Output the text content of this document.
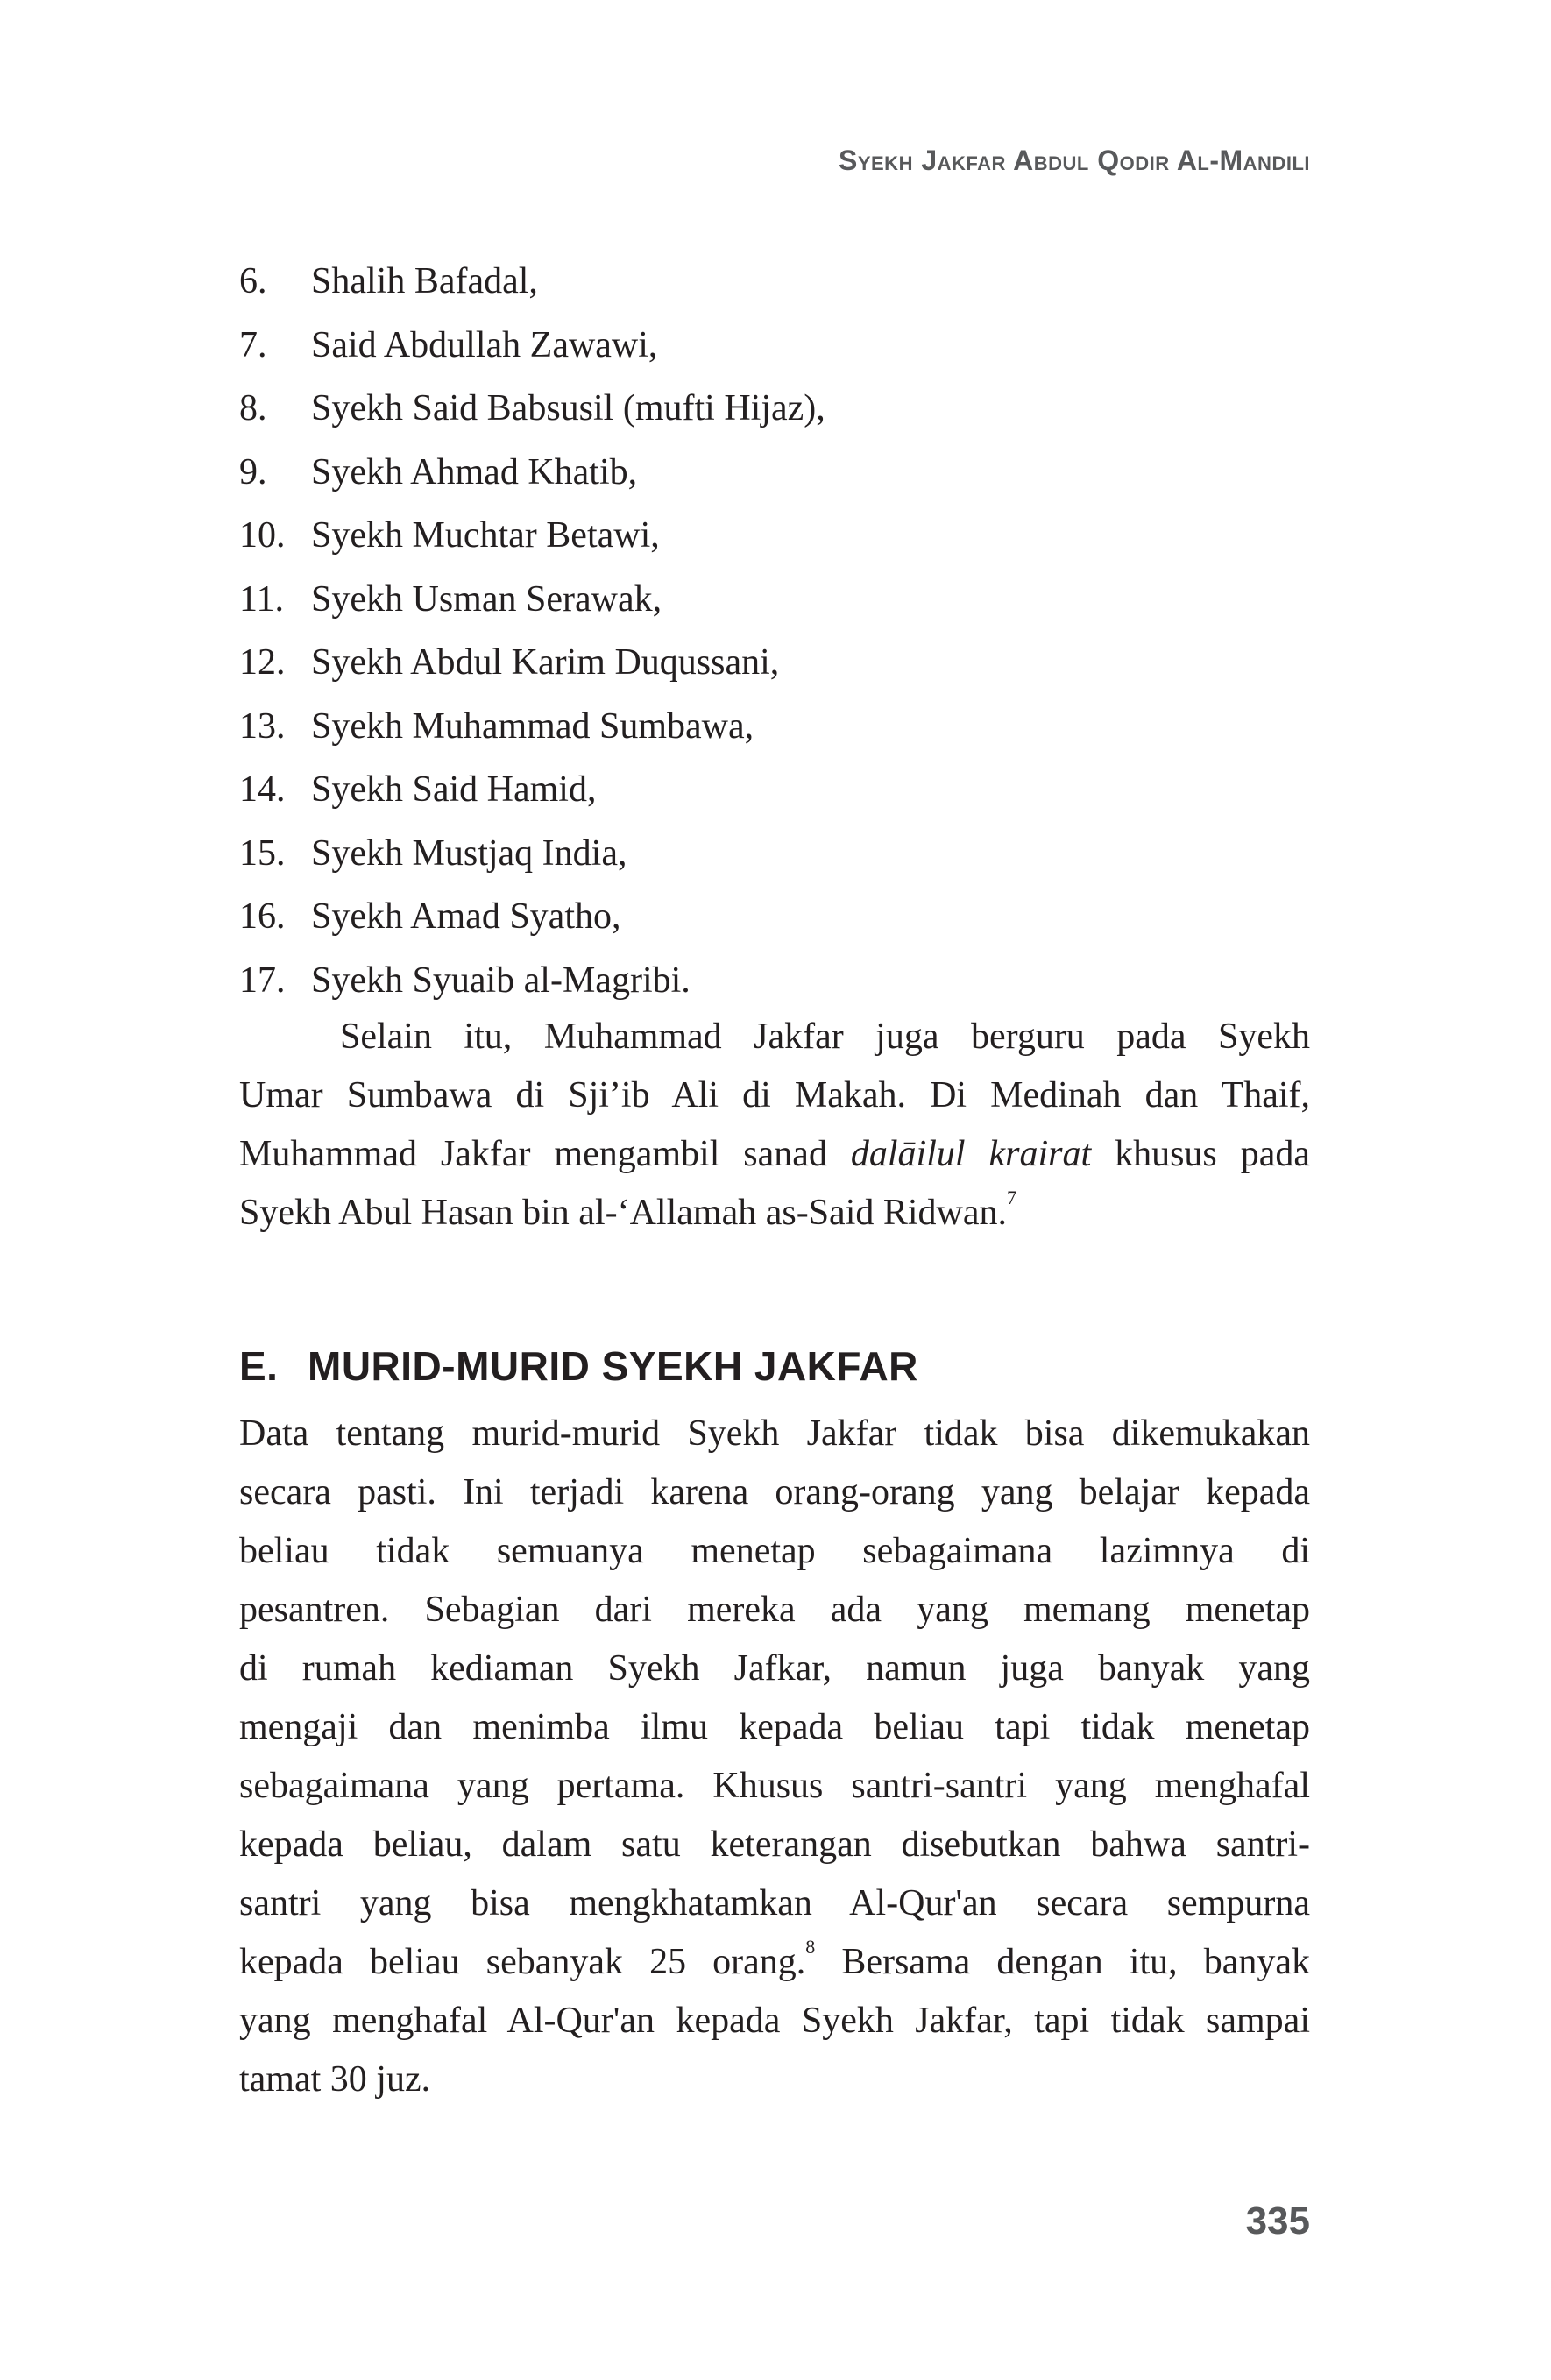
Syekh Jakfar Abdul Qodir Al-Mandili
6. Shalih Bafadal,
7. Said Abdullah Zawawi,
8. Syekh Said Babsusil (mufti Hijaz),
9. Syekh Ahmad Khatib,
10. Syekh Muchtar Betawi,
11. Syekh Usman Serawak,
12. Syekh Abdul Karim Duqussani,
13. Syekh Muhammad Sumbawa,
14. Syekh Said Hamid,
15. Syekh Mustjaq India,
16. Syekh Amad Syatho,
17. Syekh Syuaib al-Magribi.
Selain itu, Muhammad Jakfar juga berguru pada Syekh
Umar Sumbawa di Sji’ib Ali di Makah. Di Medinah dan Thaif,
Muhammad Jakfar mengambil sanad dalāilul krairat khusus pada
Syekh Abul Hasan bin al-‘Allamah as-Said Ridwan.$^7$
E. MURID-MURID SYEKH JAKFAR
Data tentang murid-murid Syekh Jakfar tidak bisa dikemukakan
secara pasti. Ini terjadi karena orang-orang yang belajar kepada
beliau tidak semuanya menetap sebagaimana lazimnya di
pesantren. Sebagian dari mereka ada yang memang menetap
di rumah kediaman Syekh Jafkar, namun juga banyak yang
mengaji dan menimba ilmu kepada beliau tapi tidak menetap
sebagaimana yang pertama. Khusus santri-santri yang menghafal
kepada beliau, dalam satu keterangan disebutkan bahwa santri-
santri yang bisa mengkhatamkan Al-Qur'an secara sempurna
kepada beliau sebanyak 25 orang.$^8$ Bersama dengan itu, banyak
yang menghafal Al-Qur'an kepada Syekh Jakfar, tapi tidak sampai
tamat 30 juz.
335
